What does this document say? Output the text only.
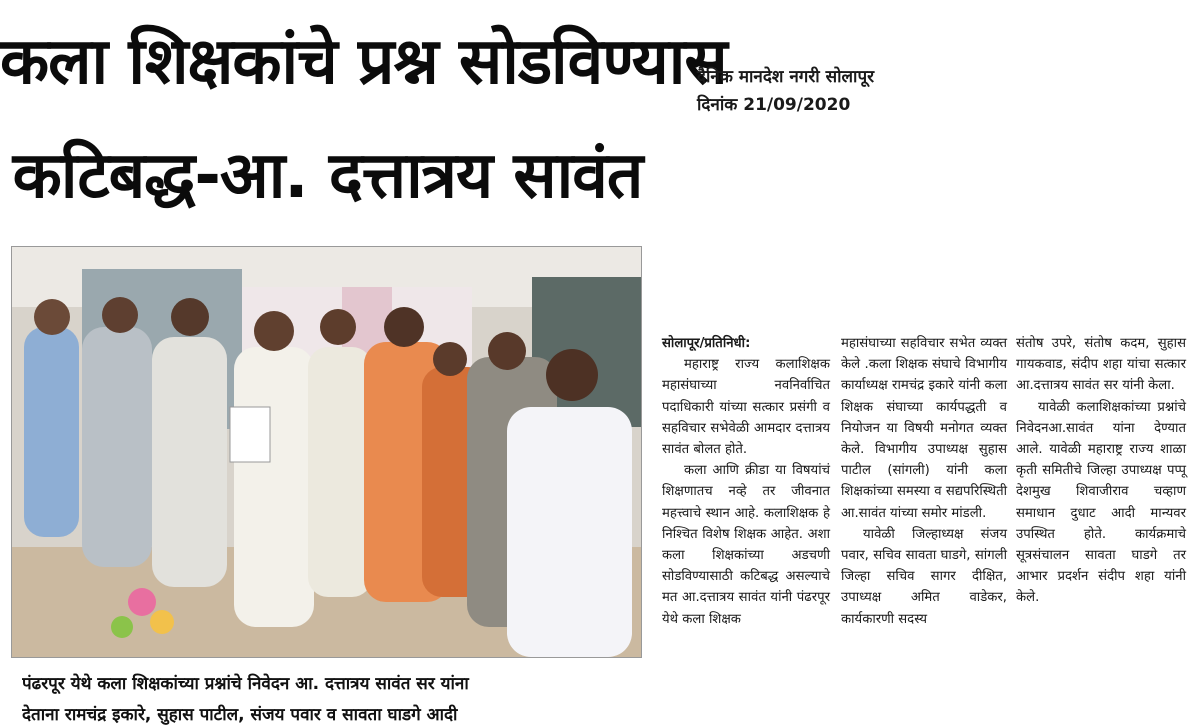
कला शिक्षकांचे प्रश्न सोडविण्यास
कटिबद्ध-आ. दत्तात्रय सावंत
दैनिक मानदेश नगरी सोलापूर
दिनांक 21/09/2020
पंढरपूर येथे कला शिक्षकांच्या प्रश्नांचे निवेदन आ. दत्तात्रय सावंत सर यांना
देताना रामचंद्र इकारे, सुहास पाटील, संजय पवार व सावता घाडगे आदी

सोलापूर/प्रतिनिधी:

महाराष्ट्र राज्य कलाशिक्षक महासंघाच्या नवनिर्वाचित पदाधिकारी यांच्या सत्कार प्रसंगी व सहविचार सभेवेळी आमदार दत्तात्रय सावंत बोलत होते.

कला आणि क्रीडा या विषयांचं शिक्षणातच नव्हे तर जीवनात महत्त्वाचे स्थान आहे. कलाशिक्षक हे निश्चित विशेष शिक्षक आहेत. अशा कला शिक्षकांच्या अडचणी सोडविण्यासाठी कटिबद्ध असल्याचे मत आ.दत्तात्रय सावंत यांनी पंढरपूर येथे कला शिक्षक

महासंघाच्या सहविचार सभेत व्यक्त केले .कला शिक्षक संघाचे विभागीय कार्याध्यक्ष रामचंद्र इकारे यांनी कला शिक्षक संघाच्या कार्यपद्धती व नियोजन या विषयी मनोगत व्यक्त केले. विभागीय उपाध्यक्ष सुहास पाटील (सांगली) यांनी कला शिक्षकांच्या समस्या व सद्यपरिस्थिती आ.सावंत यांच्या समोर मांडली.

यावेळी जिल्हाध्यक्ष संजय पवार, सचिव सावता घाडगे, सांगली जिल्हा सचिव सागर दीक्षित, उपाध्यक्ष अमित वाडेकर, कार्यकारणी सदस्य

संतोष उपरे, संतोष कदम, सुहास गायकवाड, संदीप शहा यांचा सत्कार आ.दत्तात्रय सावंत सर यांनी केला.

यावेळी कलाशिक्षकांच्या प्रश्नांचे निवेदनआ.सावंत यांना देण्यात आले. यावेळी महाराष्ट्र राज्य शाळा कृती समितीचे जिल्हा उपाध्यक्ष पप्पू देशमुख शिवाजीराव चव्हाण समाधान दुधाट आदी मान्यवर उपस्थित होते. कार्यक्रमाचे सूत्रसंचालन सावता घाडगे तर आभार प्रदर्शन संदीप शहा यांनी केले.
